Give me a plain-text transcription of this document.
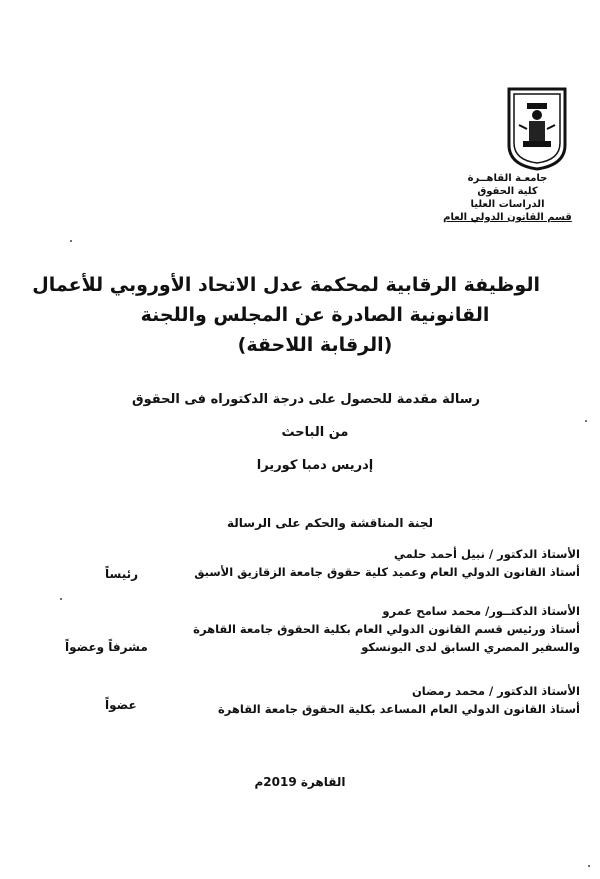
جامعـة القاهــرة
كلية الحقوق
الدراسات العليا
قسم القانون الدولي العام
الوظيفة الرقابية لمحكمة عدل الاتحاد الأوروبي للأعمال
القانونية الصادرة عن المجلس واللجنة
(الرقابة اللاحقة)
رسالة مقدمة للحصول على درجة الدكتوراه فى الحقوق
من الباحث
إدريس دمبا كوريرا
لجنة المناقشة والحكم على الرسالة
الأستاذ الدكتور / نبيل أحمد حلمي
أستاذ القانون الدولي العام وعميد كلية حقوق جامعة الزقازيق الأسبق
رئيساً
الأستاذ الدكتــور/ محمد سامح عمرو
أستاذ ورئيس قسم القانون الدولي العام بكلية الحقوق جامعة القاهرة
والسفير المصري السابق لدى اليونسكو
مشرفاً وعضواً
الأستاذ الدكتور / محمد رمضان
أستاذ القانون الدولي العام المساعد بكلية الحقوق جامعة القاهرة
عضواً
القاهرة 2019م
